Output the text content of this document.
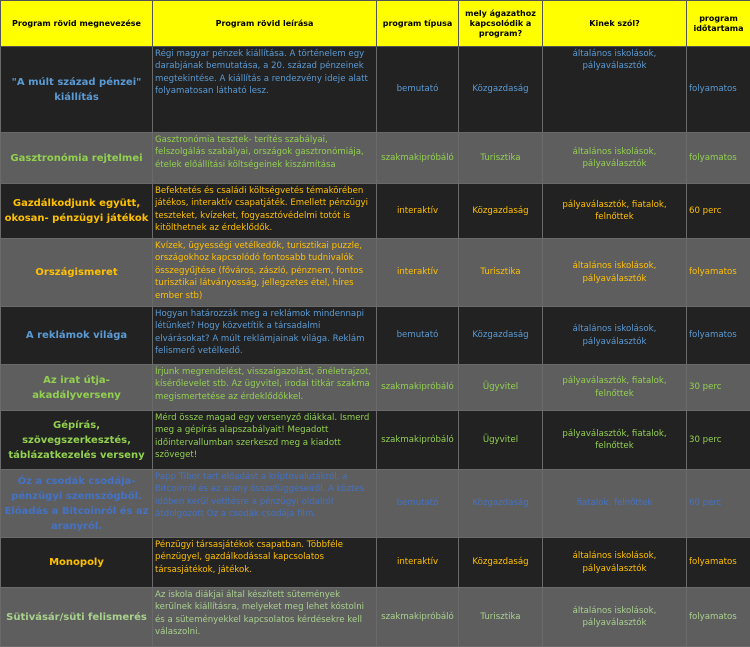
Program rövid megnevezése	Program rövid leírása	program típusa	mely ágazathoz kapcsolódik a program?	Kinek szól?	program időtartama
"A múlt század pénzei" kiállítás	Régi magyar pénzek kiállítása. A történelem egy darabjának bemutatása, a 20. század pénzeinek megtekintése. A kiállítás a rendezvény ideje alatt folyamatosan látható lesz.	bemutató	Közgazdaság	általános iskolások, pályaválasztók	folyamatos
Gasztronómia rejtelmei	Gasztronómia tesztek- terítés szabályai, felszolgálás szabályai, országok gasztronómiája, ételek előállítási költségeinek kiszámítása	szakmakipróbáló	Turisztika	általános iskolások, pályaválasztók	folyamatos
Gazdálkodjunk együtt, okosan- pénzügyi játékok	Befektetés és családi költségvetés témakörében játékos, interaktív csapatjáték. Emellett pénzügyi teszteket, kvízeket, fogyasztóvédelmi totót is kitölthetnek az érdeklődők.	interaktív	Közgazdaság	pályaválasztók, fiatalok, felnőttek	60 perc
Országismeret	Kvízek, ügyességi vetélkedők, turisztikai puzzle, országokhoz kapcsolódó fontosabb tudnivalók összegyűjtése (főváros, zászló, pénznem, fontos turisztikai látványosság, jellegzetes étel, híres ember stb)	interaktív	Turisztika	általános iskolások, pályaválasztók	folyamatos
A reklámok világa	Hogyan határozzák meg a reklámok mindennapi létünket? Hogy közvetítik a társadalmi elvárásokat? A múlt reklámjainak világa. Reklám felismerő vetélkedő.	bemutató	Közgazdaság	általános iskolások, pályaválasztók	folyamatos
Az irat útja-akadályverseny	Írjunk megrendelést, visszaigazolást, önéletrajzot, kísérőlevelet stb. Az ügyvitel, irodai titkár szakma megismertetése az érdeklődőkkel.	szakmakipróbáló	Ügyvitel	pályaválasztók, fiatalok, felnőttek	30 perc
Gépírás, szövegszerkesztés, táblázatkezelés verseny	Mérd össze magad egy versenyző diákkal. Ismerd meg a gépírás alapszabályait! Megadott időintervallumban szerkeszd meg a kiadott szöveget!	szakmakipróbáló	Ügyvitel	pályaválasztók, fiatalok, felnőttek	30 perc
Óz a csodák csodája-pénzügyi szemszögből. Előadás a Bitcoinról és az aranyról.	Papp Tibor tart előadást a kriptovalutákról, a Bitcoinról és az arany összefüggéseiről. A köztes időben kerül vetítésre a pénzügyi oldalról átdolgozott Óz a csodák csodája film.	bemutató	Közgazdaság	fiatalok, felnőttek	60 perc
Monopoly	Pénzügyi társasjátékok csapatban. Többféle pénzügyel, gazdálkodással kapcsolatos társasjátékok, játékok.	interaktív	Közgazdaság	általános iskolások, pályaválasztók	folyamatos
Sütivásár/süti felismerés	Az iskola diákjai által készített sütemények kerülnek kiállításra, melyeket meg lehet kóstolni és a süteményekkel kapcsolatos kérdésekre kell válaszolni.	szakmakipróbáló	Turisztika	általános iskolások, pályaválasztók	folyamatos
